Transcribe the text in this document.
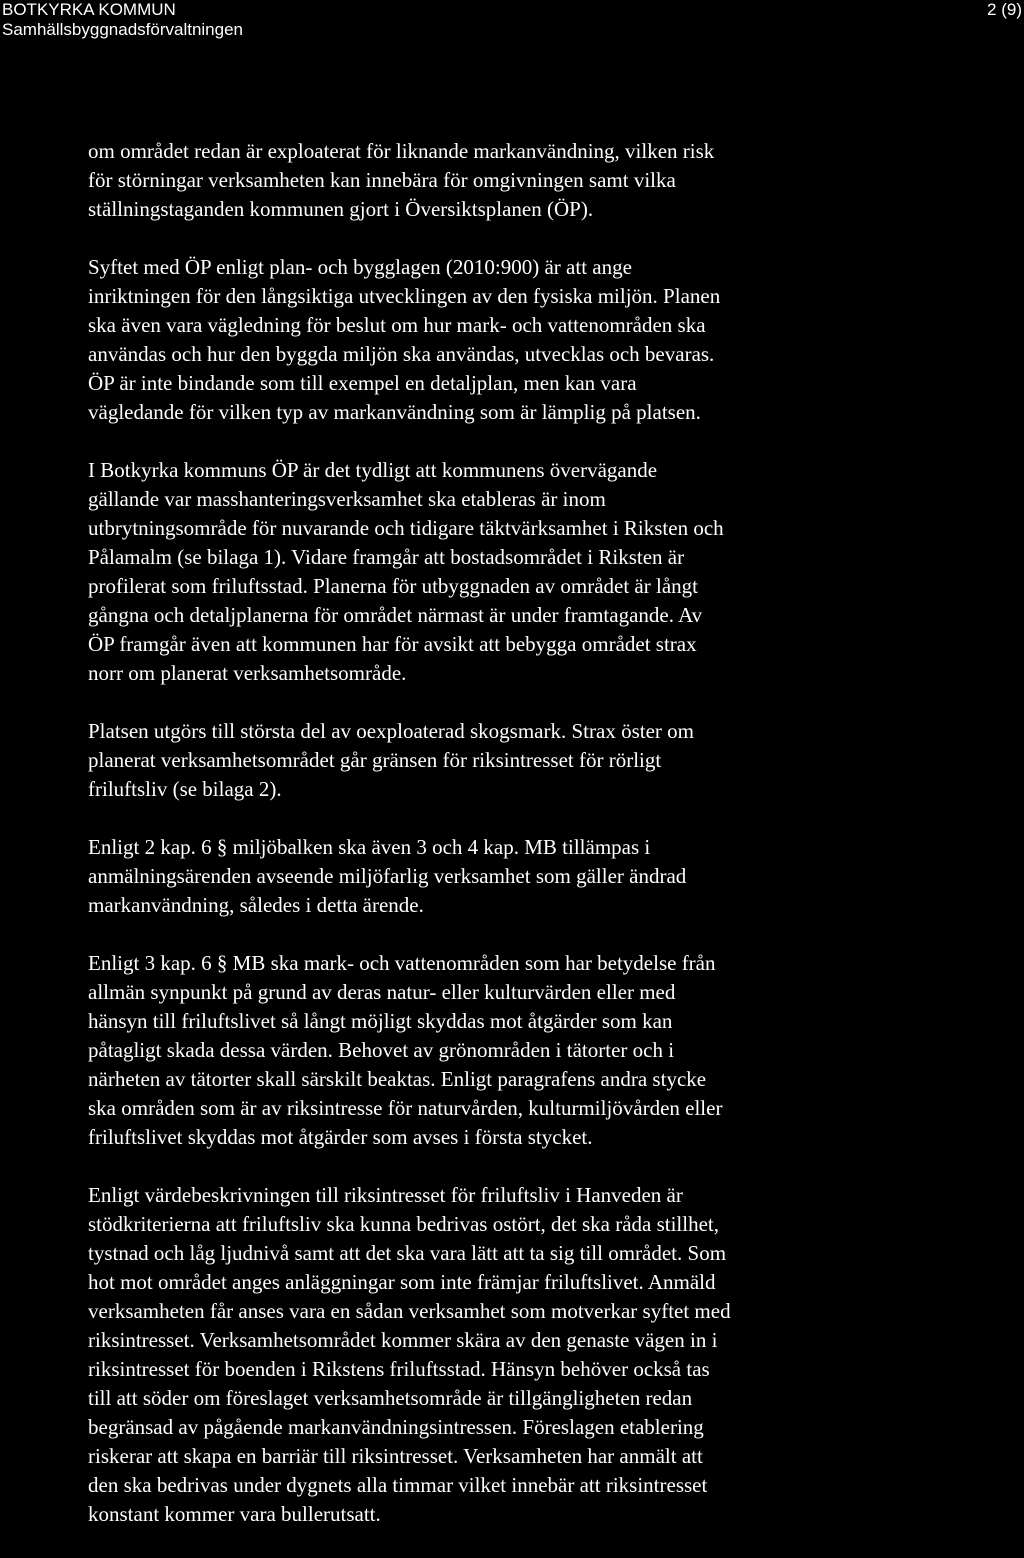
BOTKYRKA KOMMUN
Samhällsbyggnadsförvaltningen
2 (9)
om området redan är exploaterat för liknande markanvändning, vilken risk
för störningar verksamheten kan innebära för omgivningen samt vilka
ställningstaganden kommunen gjort i Översiktsplanen (ÖP).
Syftet med ÖP enligt plan- och bygglagen (2010:900) är att ange
inriktningen för den långsiktiga utvecklingen av den fysiska miljön. Planen
ska även vara vägledning för beslut om hur mark- och vattenområden ska
användas och hur den byggda miljön ska användas, utvecklas och bevaras.
ÖP är inte bindande som till exempel en detaljplan, men kan vara
vägledande för vilken typ av markanvändning som är lämplig på platsen.
I Botkyrka kommuns ÖP är det tydligt att kommunens övervägande
gällande var masshanteringsverksamhet ska etableras är inom
utbrytningsområde för nuvarande och tidigare täktvärksamhet i Riksten och
Pålamalm (se bilaga 1). Vidare framgår att bostadsområdet i Riksten är
profilerat som friluftsstad. Planerna för utbyggnaden av området är långt
gångna och detaljplanerna för området närmast är under framtagande. Av
ÖP framgår även att kommunen har för avsikt att bebygga området strax
norr om planerat verksamhetsområde.
Platsen utgörs till största del av oexploaterad skogsmark. Strax öster om
planerat verksamhetsområdet går gränsen för riksintresset för rörligt
friluftsliv (se bilaga 2).
Enligt 2 kap. 6 § miljöbalken ska även 3 och 4 kap. MB tillämpas i
anmälningsärenden avseende miljöfarlig verksamhet som gäller ändrad
markanvändning, således i detta ärende.
Enligt 3 kap. 6 § MB ska mark- och vattenområden som har betydelse från
allmän synpunkt på grund av deras natur- eller kulturvärden eller med
hänsyn till friluftslivet så långt möjligt skyddas mot åtgärder som kan
påtagligt skada dessa värden. Behovet av grönområden i tätorter och i
närheten av tätorter skall särskilt beaktas. Enligt paragrafens andra stycke
ska områden som är av riksintresse för naturvården, kulturmiljövården eller
friluftslivet skyddas mot åtgärder som avses i första stycket.
Enligt värdebeskrivningen till riksintresset för friluftsliv i Hanveden är
stödkriterierna att friluftsliv ska kunna bedrivas ostört, det ska råda stillhet,
tystnad och låg ljudnivå samt att det ska vara lätt att ta sig till området. Som
hot mot området anges anläggningar som inte främjar friluftslivet. Anmäld
verksamheten får anses vara en sådan verksamhet som motverkar syftet med
riksintresset. Verksamhetsområdet kommer skära av den genaste vägen in i
riksintresset för boenden i Rikstens friluftsstad. Hänsyn behöver också tas
till att söder om föreslaget verksamhetsområde är tillgängligheten redan
begränsad av pågående markanvändningsintressen. Föreslagen etablering
riskerar att skapa en barriär till riksintresset. Verksamheten har anmält att
den ska bedrivas under dygnets alla timmar vilket innebär att riksintresset
konstant kommer vara bullerutsatt.
